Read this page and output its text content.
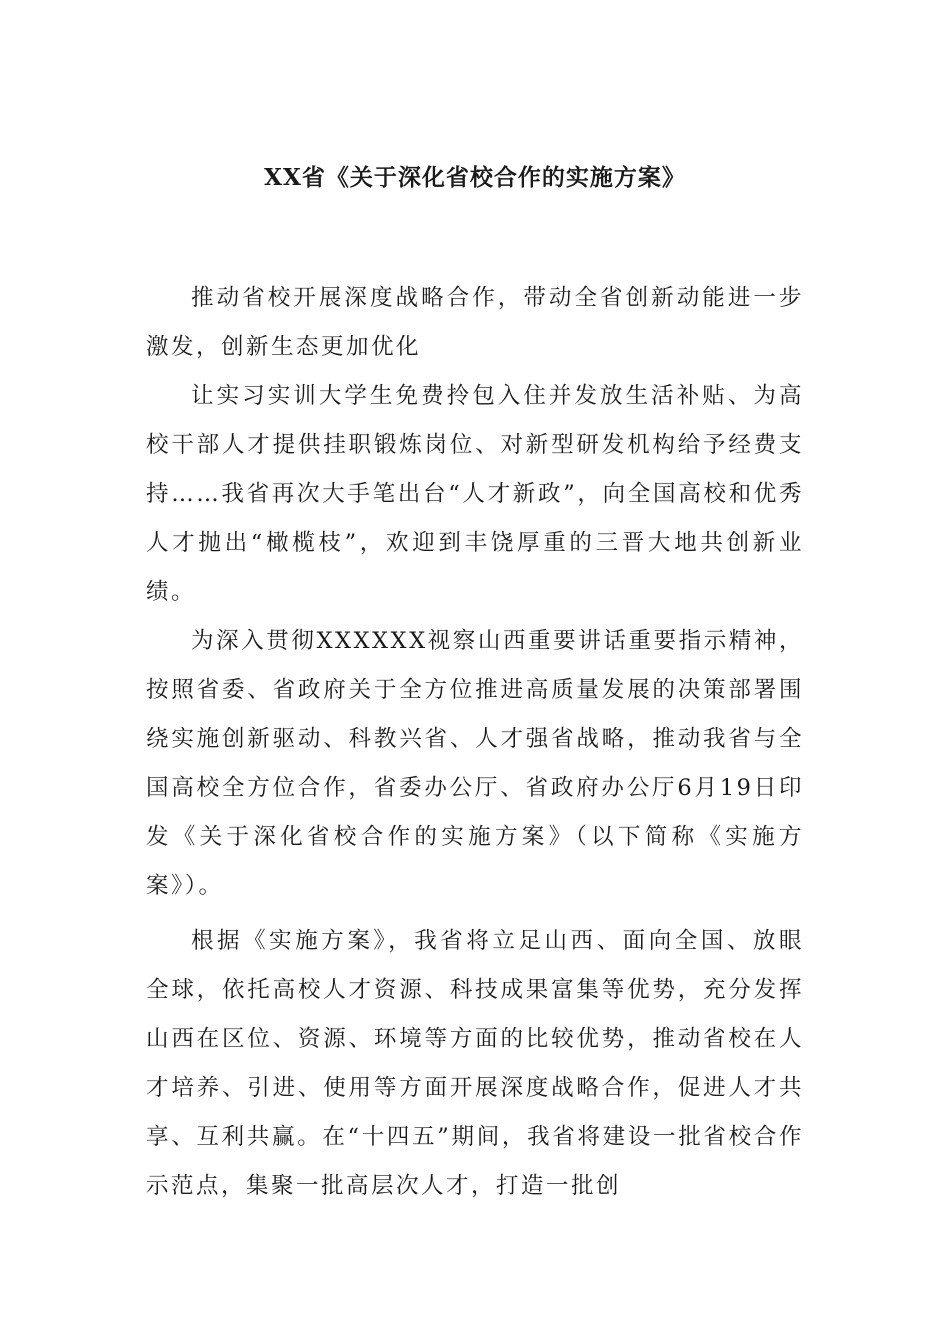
XX省《关于深化省校合作的实施方案》

推动省校开展深度战略合作，带动全省创新动能进一步激发，创新生态更加优化

让实习实训大学生免费拎包入住并发放生活补贴、为高校干部人才提供挂职锻炼岗位、对新型研发机构给予经费支持……我省再次大手笔出台“人才新政”，向全国高校和优秀人才抛出“橄榄枝”，欢迎到丰饶厚重的三晋大地共创新业绩。

为深入贯彻XXXXXX视察山西重要讲话重要指示精神，按照省委、省政府关于全方位推进高质量发展的决策部署围绕实施创新驱动、科教兴省、人才强省战略，推动我省与全国高校全方位合作，省委办公厅、省政府办公厅6月19日印发《关于深化省校合作的实施方案》（以下简称《实施方案》）。

根据《实施方案》，我省将立足山西、面向全国、放眼全球，依托高校人才资源、科技成果富集等优势，充分发挥山西在区位、资源、环境等方面的比较优势，推动省校在人才培养、引进、使用等方面开展深度战略合作，促进人才共享、互利共赢。在“十四五”期间，我省将建设一批省校合作示范点，集聚一批高层次人才，打造一批创
